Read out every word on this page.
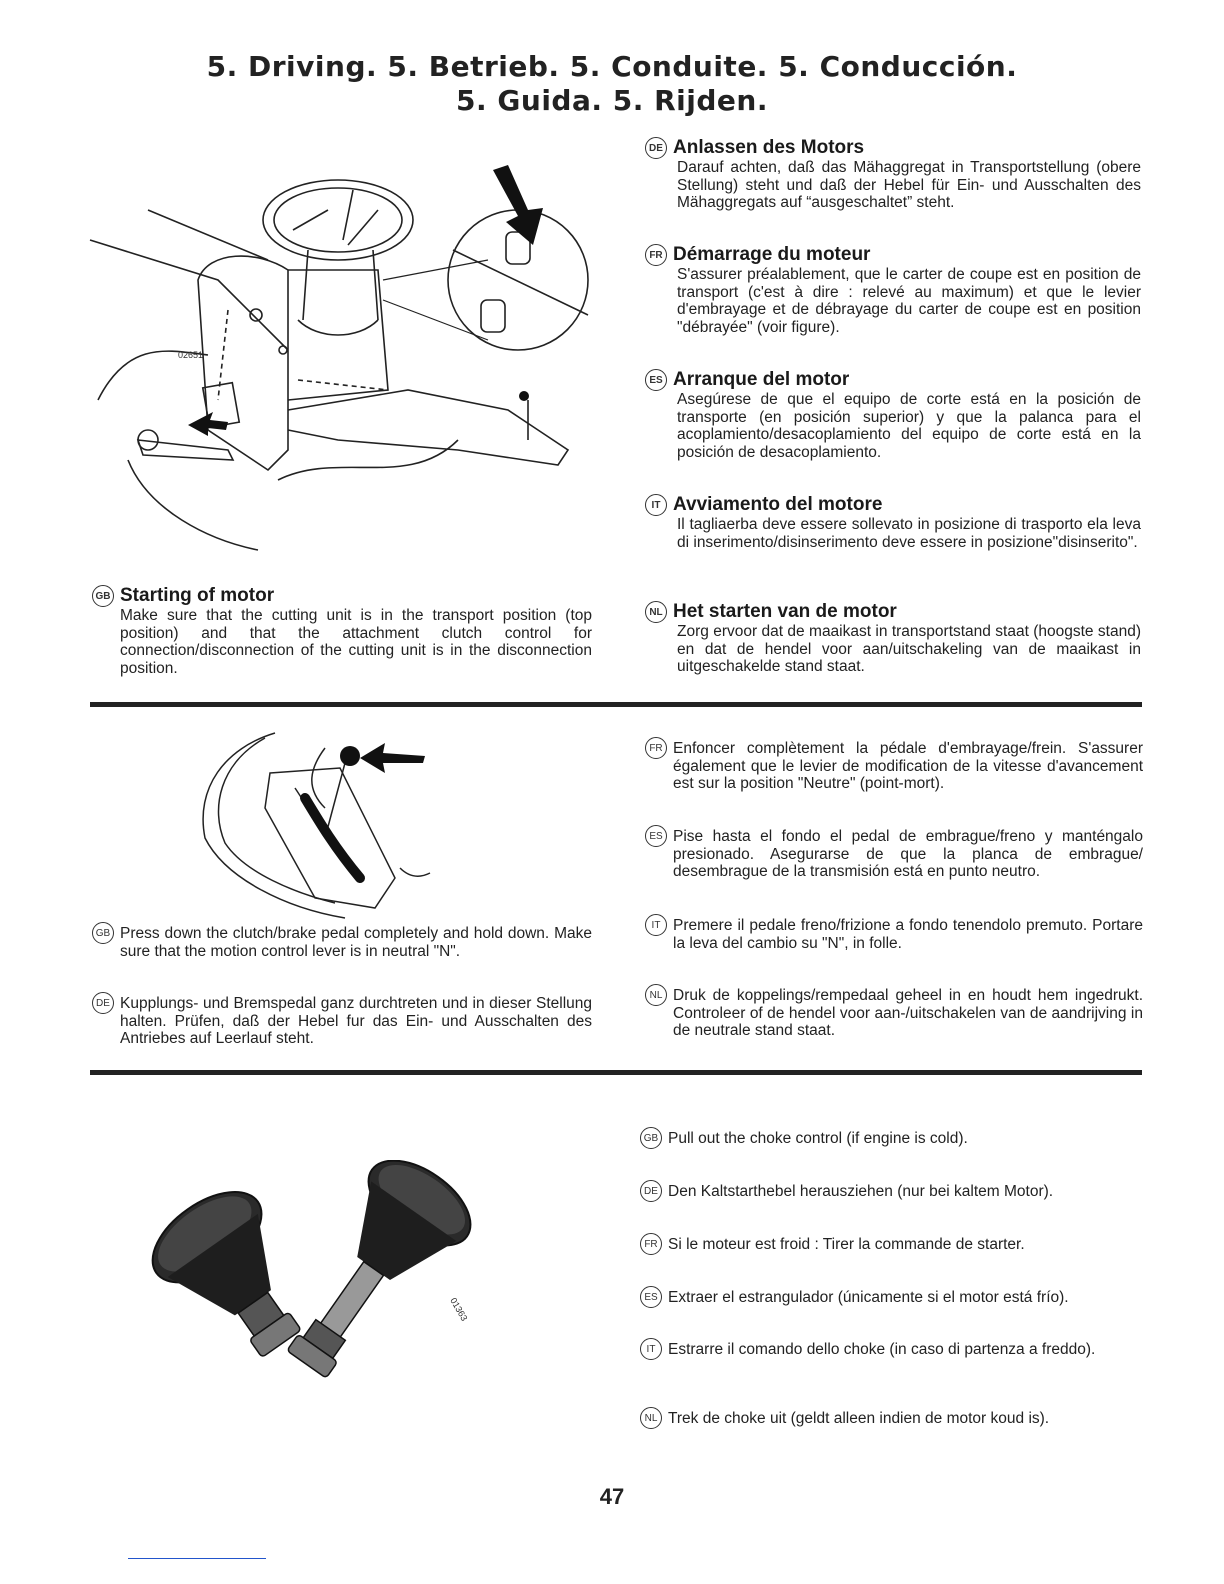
5. Driving. 5. Betrieb. 5. Conduite. 5. Conducción.
5. Guida. 5. Rijden.
02651
GB Starting of motor

Make sure that the cutting unit is in the transport position (top position) and that the attachment clutch control for connection/disconnection of the cutting unit is in the disconnection position.

DE Anlassen des Motors

Darauf achten, daß das Mähaggregat in Transportstellung (obere Stellung) steht und daß der Hebel für Ein- und Ausschalten des Mähaggregats auf “ausgeschaltet” steht.

FR Démarrage du moteur

S'assurer préalablement, que le carter de coupe est en position de transport (c'est à dire : relevé au maximum) et que le levier d'embrayage et de débrayage du carter de coupe est en position "débrayée" (voir figure).

ES Arranque del motor

Asegúrese de que el equipo de corte está en la posición de transporte (en posición superior) y que la palanca para el acoplamiento/desacoplamiento del equipo de corte está en la posición de desacoplamiento.

IT Avviamento del motore

Il tagliaerba deve essere sollevato in posizione di trasporto ela leva di inserimento/disinserimento deve essere in posizione"disinserito".

NL Het starten van de motor

Zorg ervoor dat de maaikast in transportstand staat (hoogste stand) en dat de hendel voor aan/uitschakeling van de maaikast in uitgeschakelde stand staat.

GB Press down the clutch/brake pedal completely and hold down. Make sure that the motion control lever is in neutral "N".

DE Kupplungs- und Bremspedal ganz durchtreten und in dieser Stellung halten. Prüfen, daß der Hebel fur das Ein- und Ausschalten des Antriebes auf Leerlauf steht.

FR Enfoncer complètement la pédale d'embrayage/frein. S'assurer également que le levier de modification de la vitesse d'avancement est sur la position "Neutre" (point-mort).

ES Pise hasta el fondo el pedal de embrague/freno y manténgalo presionado. Asegurarse de que la planca de embrague/ desembrague de la transmisión está en punto neutro.

IT Premere il pedale freno/frizione a fondo tenendolo premuto. Portare la leva del cambio su "N", in folle.

NL Druk de koppelings/rempedaal geheel in en houdt hem ingedrukt. Controleer of de hendel voor aan-/uitschakelen van de aandrijving in de neutrale stand staat.

01363
GB Pull out the choke control (if engine is cold).

DE Den Kaltstarthebel herausziehen (nur bei kaltem Motor).

FR Si le moteur est froid : Tirer la commande de starter.

ES Extraer el estrangulador (únicamente si el motor está frío).

IT Estrarre il comando dello choke (in caso di partenza a freddo).

NL Trek de choke uit (geldt alleen indien de motor koud is).

47
